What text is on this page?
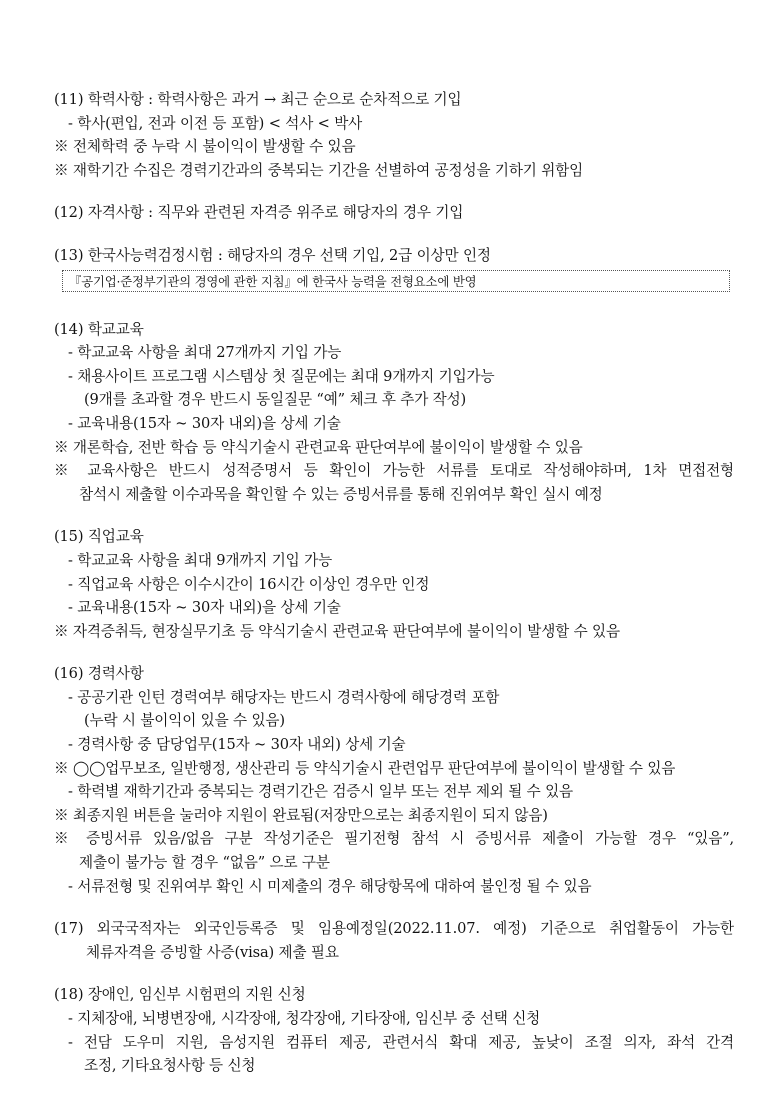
(11) 학력사항 : 학력사항은 과거 → 최근 순으로 순차적으로 기입
- 학사(편입, 전과 이전 등 포함) < 석사 < 박사
※ 전체학력 중 누락 시 불이익이 발생할 수 있음
※ 재학기간 수집은 경력기간과의 중복되는 기간을 선별하여 공정성을 기하기 위함임
(12) 자격사항 : 직무와 관련된 자격증 위주로 해당자의 경우 기입
(13) 한국사능력검정시험 : 해당자의 경우 선택 기입, 2급 이상만 인정
『공기업·준정부기관의 경영에 관한 지침』에 한국사 능력을 전형요소에 반영
(14) 학교교육
- 학교교육 사항을 최대 27개까지 기입 가능
- 채용사이트 프로그램 시스템상 첫 질문에는 최대 9개까지 기입가능
(9개를 초과할 경우 반드시 동일질문 “예” 체크 후 추가 작성)
- 교육내용(15자 ~ 30자 내외)을 상세 기술
※ 개론학습, 전반 학습 등 약식기술시 관련교육 판단여부에 불이익이 발생할 수 있음
※ 교육사항은 반드시 성적증명서 등 확인이 가능한 서류를 토대로 작성해야하며, 1차 면접전형
참석시 제출할 이수과목을 확인할 수 있는 증빙서류를 통해 진위여부 확인 실시 예정
(15) 직업교육
- 학교교육 사항을 최대 9개까지 기입 가능
- 직업교육 사항은 이수시간이 16시간 이상인 경우만 인정
- 교육내용(15자 ~ 30자 내외)을 상세 기술
※ 자격증취득, 현장실무기초 등 약식기술시 관련교육 판단여부에 불이익이 발생할 수 있음
(16) 경력사항
- 공공기관 인턴 경력여부 해당자는 반드시 경력사항에 해당경력 포함
(누락 시 불이익이 있을 수 있음)
- 경력사항 중 담당업무(15자 ~ 30자 내외) 상세 기술
※ ◯◯업무보조, 일반행정, 생산관리 등 약식기술시 관련업무 판단여부에 불이익이 발생할 수 있음
- 학력별 재학기간과 중복되는 경력기간은 검증시 일부 또는 전부 제외 될 수 있음
※ 최종지원 버튼을 눌러야 지원이 완료됨(저장만으로는 최종지원이 되지 않음)
※ 증빙서류 있음/없음 구분 작성기준은 필기전형 참석 시 증빙서류 제출이 가능할 경우 “있음”,
제출이 불가능 할 경우 “없음” 으로 구분
- 서류전형 및 진위여부 확인 시 미제출의 경우 해당항목에 대하여 불인정 될 수 있음
(17) 외국국적자는 외국인등록증 및 임용예정일(2022.11.07. 예정) 기준으로 취업활동이 가능한
체류자격을 증빙할 사증(visa) 제출 필요
(18) 장애인, 임신부 시험편의 지원 신청
- 지체장애, 뇌병변장애, 시각장애, 청각장애, 기타장애, 임신부 중 선택 신청
- 전담 도우미 지원, 음성지원 컴퓨터 제공, 관련서식 확대 제공, 높낮이 조절 의자, 좌석 간격
조정, 기타요청사항 등 신청
